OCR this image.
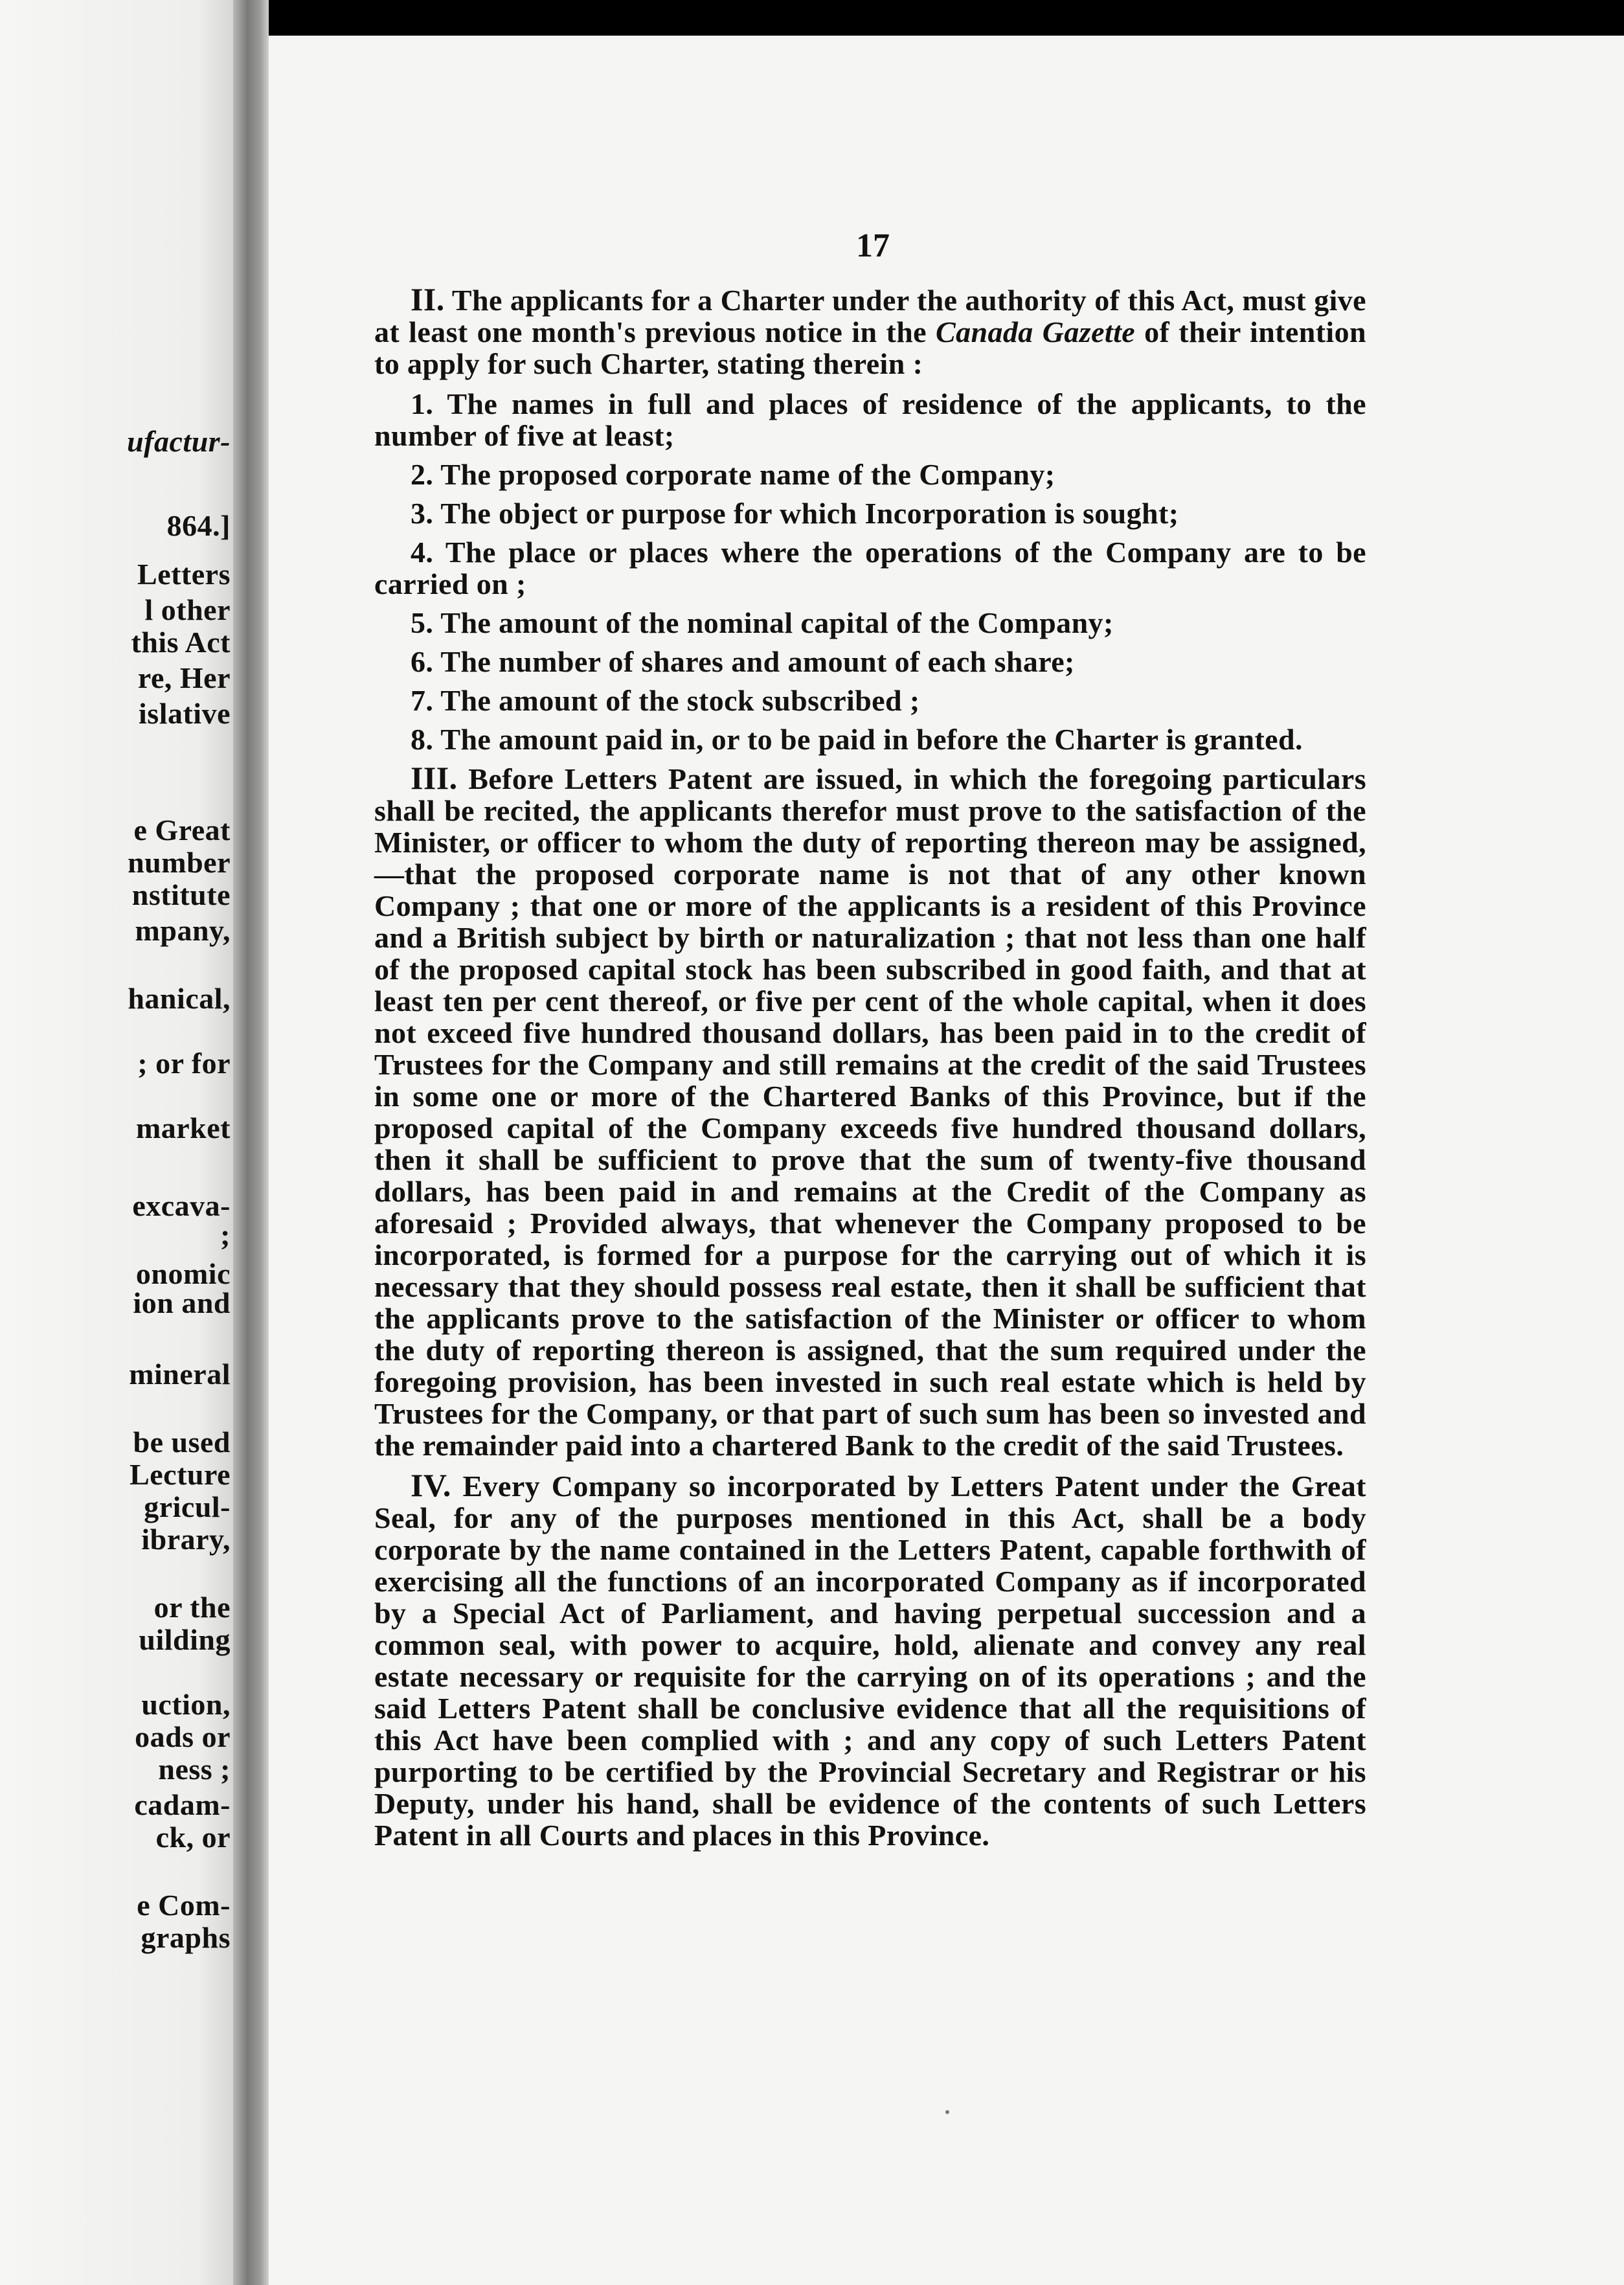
ufactur-
864.]
Letters
l other
this Act
re, Her
islative
e Great
number
nstitute
mpany,
hanical,
; or for
market
excava-
;
onomic
ion and
mineral
be used
Lecture
gricul-
ibrary,
or the
uilding
uction,
oads or
ness ;
cadam-
ck, or
e Com-
graphs
17

II. The applicants for a Charter under the authority of this Act, must give at least one month's previous notice in the Canada Gazette of their intention to apply for such Charter, stating therein :

1. The names in full and places of residence of the applicants, to the number of five at least;

2. The proposed corporate name of the Company;

3. The object or purpose for which Incorporation is sought;

4. The place or places where the operations of the Company are to be carried on ;

5. The amount of the nominal capital of the Company;

6. The number of shares and amount of each share;

7. The amount of the stock subscribed ;

8. The amount paid in, or to be paid in before the Charter is granted.

III. Before Letters Patent are issued, in which the foregoing particulars shall be recited, the applicants therefor must prove to the satisfaction of the Minister, or officer to whom the duty of reporting thereon may be assigned,—that the proposed corporate name is not that of any other known Company ; that one or more of the applicants is a resident of this Province and a British subject by birth or naturalization ; that not less than one half of the proposed capital stock has been subscribed in good faith, and that at least ten per cent thereof, or five per cent of the whole capital, when it does not exceed five hundred thousand dollars, has been paid in to the credit of Trustees for the Company and still remains at the credit of the said Trustees in some one or more of the Chartered Banks of this Province, but if the proposed capital of the Company exceeds five hundred thousand dollars, then it shall be sufficient to prove that the sum of twenty-five thousand dollars, has been paid in and remains at the Credit of the Company as aforesaid ; Provided always, that whenever the Company proposed to be incorporated, is formed for a purpose for the carrying out of which it is necessary that they should possess real estate, then it shall be sufficient that the applicants prove to the satisfaction of the Minister or officer to whom the duty of reporting thereon is assigned, that the sum required under the foregoing provision, has been invested in such real estate which is held by Trustees for the Company, or that part of such sum has been so invested and the remainder paid into a chartered Bank to the credit of the said Trustees.

IV. Every Company so incorporated by Letters Patent under the Great Seal, for any of the purposes mentioned in this Act, shall be a body corporate by the name contained in the Letters Patent, capable forthwith of exercising all the functions of an incorporated Company as if incorporated by a Special Act of Parliament, and having perpetual succession and a common seal, with power to acquire, hold, alienate and convey any real estate necessary or requisite for the carrying on of its operations ; and the said Letters Patent shall be conclusive evidence that all the requisitions of this Act have been complied with ; and any copy of such Letters Patent purporting to be certified by the Provincial Secretary and Registrar or his Deputy, under his hand, shall be evidence of the contents of such Letters Patent in all Courts and places in this Province.
